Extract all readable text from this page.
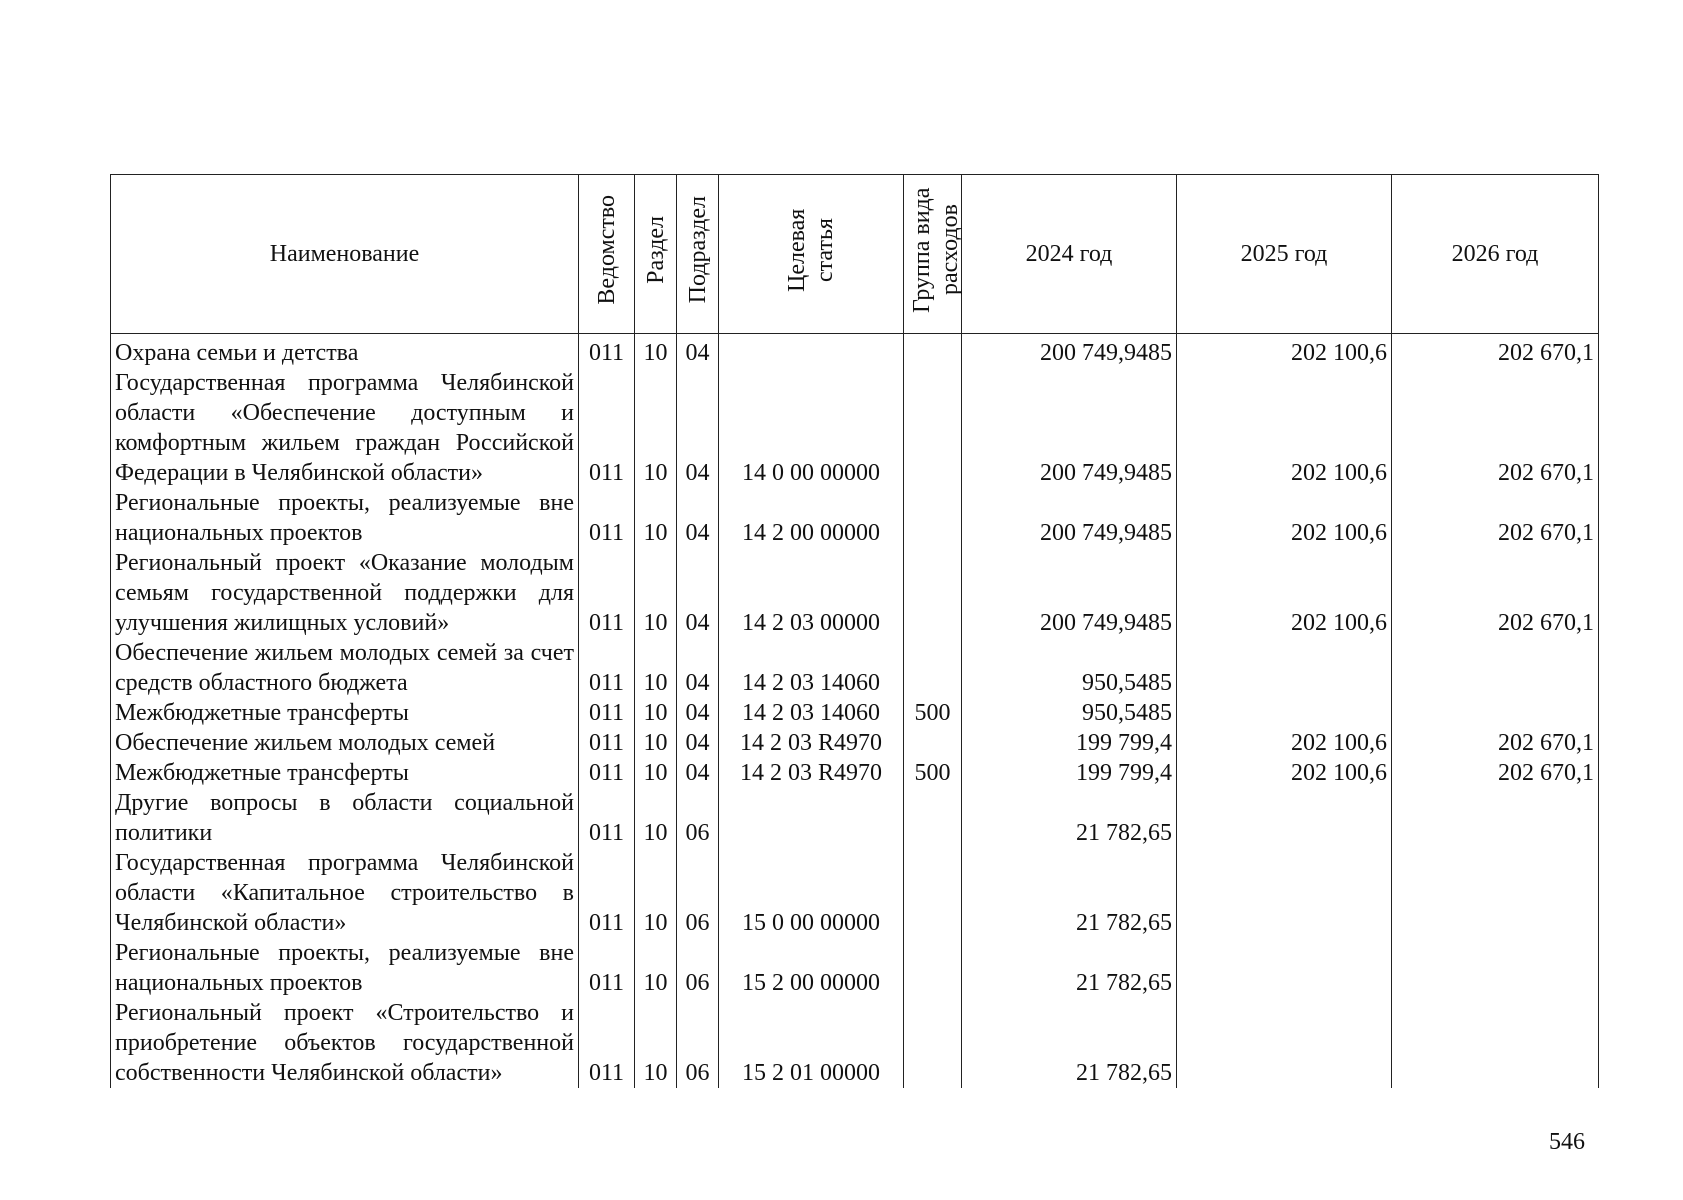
Наименование	Ведомство	Раздел	Подраздел	Целевая статья	Группа вида расходов	2024 год	2025 год	2026 год
Охрана семьи и детства	011	10	04			200 749,9485	202 100,6	202 670,1
Государственная программа Челябинской области «Обеспечение доступным и комфортным жильем граждан Российской Федерации в Челябинской области»	011	10	04	14 0 00 00000		200 749,9485	202 100,6	202 670,1
Региональные проекты, реализуемые вне национальных проектов	011	10	04	14 2 00 00000		200 749,9485	202 100,6	202 670,1
Региональный проект «Оказание молодым семьям государственной поддержки для улучшения жилищных условий»	011	10	04	14 2 03 00000		200 749,9485	202 100,6	202 670,1
Обеспечение жильем молодых семей за счет средств областного бюджета	011	10	04	14 2 03 14060		950,5485		
Межбюджетные трансферты	011	10	04	14 2 03 14060	500	950,5485		
Обеспечение жильем молодых семей	011	10	04	14 2 03 R4970		199 799,4	202 100,6	202 670,1
Межбюджетные трансферты	011	10	04	14 2 03 R4970	500	199 799,4	202 100,6	202 670,1
Другие вопросы в области социальной политики	011	10	06			21 782,65		
Государственная программа Челябинской области «Капитальное строительство в Челябинской области»	011	10	06	15 0 00 00000		21 782,65		
Региональные проекты, реализуемые вне национальных проектов	011	10	06	15 2 00 00000		21 782,65		
Региональный проект «Строительство и приобретение объектов государственной собственности Челябинской области»	011	10	06	15 2 01 00000		21 782,65		
546
